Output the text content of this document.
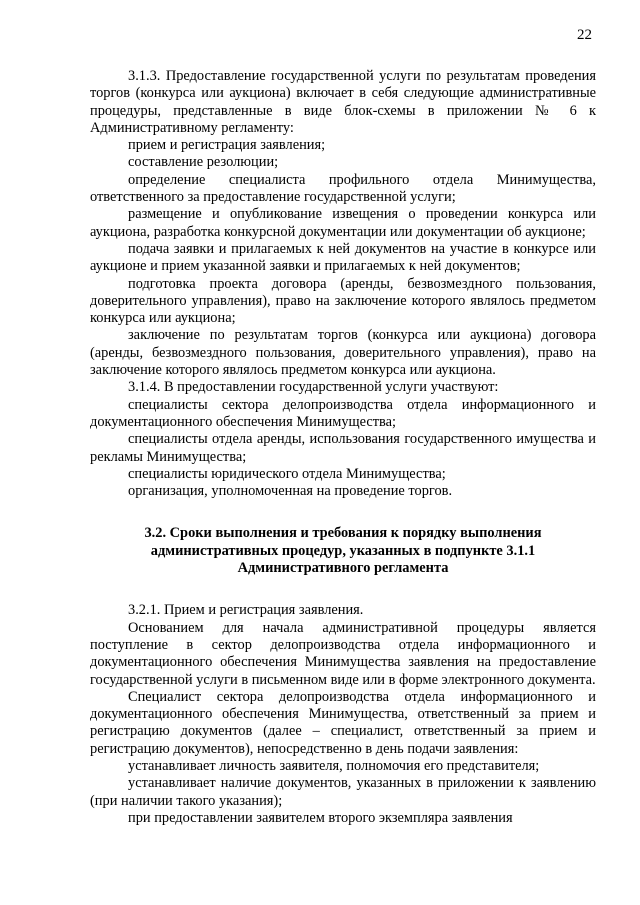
22

3.1.3. Предоставление государственной услуги по результатам проведения торгов (конкурса или аукциона) включает в себя следующие административные процедуры, представленные в виде блок-схемы в приложении № 6 к Административному регламенту:

прием и регистрация заявления;

составление резолюции;

определение специалиста профильного отдела Минимущества, ответственного за предоставление государственной услуги;

размещение и опубликование извещения о проведении конкурса или аукциона, разработка конкурсной документации или документации об аукционе;

подача заявки и прилагаемых к ней документов на участие в конкурсе или аукционе и прием указанной заявки и прилагаемых к ней документов;

подготовка проекта договора (аренды, безвозмездного пользования, доверительного управления), право на заключение которого являлось предметом конкурса или аукциона;

заключение по результатам торгов (конкурса или аукциона) договора (аренды, безвозмездного пользования, доверительного управления), право на заключение которого являлось предметом конкурса или аукциона.

3.1.4. В предоставлении государственной услуги участвуют:

специалисты сектора делопроизводства отдела информационного и документационного обеспечения Минимущества;

специалисты отдела аренды, использования государственного имущества и рекламы Минимущества;

специалисты юридического отдела Минимущества;

организация, уполномоченная на проведение торгов.

3.2. Сроки выполнения и требования к порядку выполнения административных процедур, указанных в подпункте 3.1.1 Административного регламента

3.2.1. Прием и регистрация заявления.

Основанием для начала административной процедуры является поступление в сектор делопроизводства отдела информационного и документационного обеспечения Минимущества заявления на предоставление государственной услуги в письменном виде или в форме электронного документа.

Специалист сектора делопроизводства отдела информационного и документационного обеспечения Минимущества, ответственный за прием и регистрацию документов (далее – специалист, ответственный за прием и регистрацию документов), непосредственно в день подачи заявления:

устанавливает личность заявителя, полномочия его представителя;

устанавливает наличие документов, указанных в приложении к заявлению (при наличии такого указания);

при предоставлении заявителем второго экземпляра заявления
